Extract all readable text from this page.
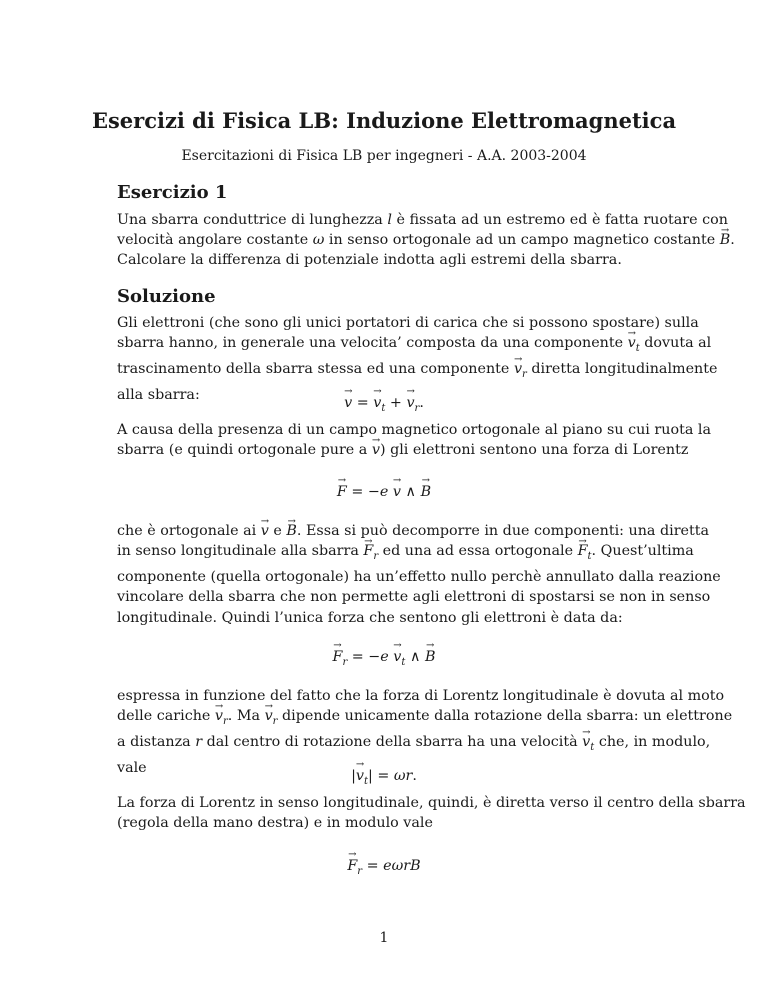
Esercizi di Fisica LB: Induzione Elettromagnetica
Esercitazioni di Fisica LB per ingegneri - A.A. 2003-2004
Esercizio 1
Una sbarra conduttrice di lunghezza l è fissata ad un estremo ed è fatta ruotare con
velocità angolare costante ω in senso ortogonale ad un campo magnetico costante → B.
Calcolare la differenza di potenziale indotta agli estremi della sbarra.
Soluzione
Gli elettroni (che sono gli unici portatori di carica che si possono spostare) sulla
sbarra hanno, in generale una velocita’ composta da una componente → $v_t$ dovuta al
trascinamento della sbarra stessa ed una componente → $v_r$ diretta longitudinalmente
alla sbarra:	→ v = → $v_t$ + → $v_r$.
A causa della presenza di un campo magnetico ortogonale al piano su cui ruota la
sbarra (e quindi ortogonale pure a → v) gli elettroni sentono una forza di Lorentz
→ F = −e → v ∧ → B
che è ortogonale ai → v e → B. Essa si può decomporre in due componenti: una diretta
in senso longitudinale alla sbarra → $F_r$ ed una ad essa ortogonale → $F_t$. Quest’ultima
componente (quella ortogonale) ha un’effetto nullo perchè annullato dalla reazione
vincolare della sbarra che non permette agli elettroni di spostarsi se non in senso
longitudinale. Quindi l’unica forza che sentono gli elettroni è data da:
→ $F_r = -e \to v_t$ ∧ → B
espressa in funzione del fatto che la forza di Lorentz longitudinale è dovuta al moto
delle cariche → $v_r$. $Ma \to v_r$ dipende unicamente dalla rotazione della sbarra: un elettrone
a distanza r dal centro di rotazione della sbarra ha una velocità → $v_t$ che, in modulo,
vale	|→ $v_t| = \omega r$.
La forza di Lorentz in senso longitudinale, quindi, è diretta verso il centro della sbarra
(regola della mano destra) e in modulo vale
→ $F_r = e\omega rB$
1
